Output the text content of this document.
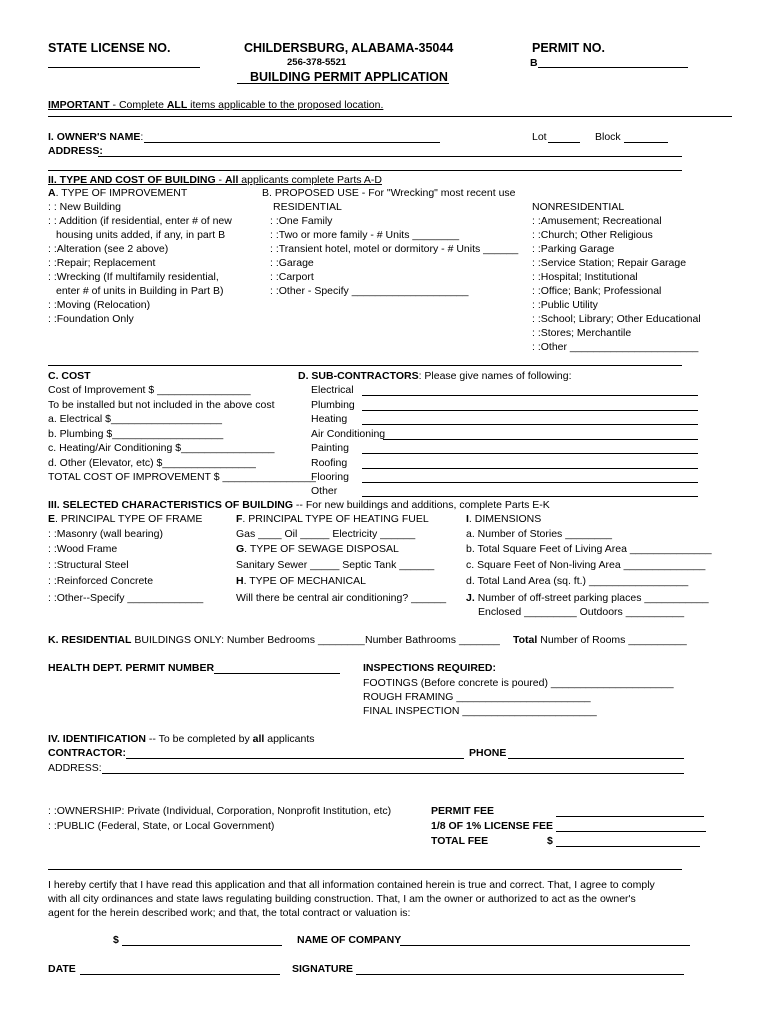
STATE LICENSE NO.	CHILDERSBURG, ALABAMA-35044
256-378-5521
BUILDING PERMIT APPLICATION
PERMIT NO.
B
IMPORTANT - Complete ALL items applicable to the proposed location.
I. OWNER'S NAME:	Lot	Block
ADDRESS:
II. TYPE AND COST OF BUILDING - All applicants complete Parts A-D
A. TYPE OF IMPROVEMENT
: : New Building
: : Addition (if residential, enter # of new
housing units added, if any, in part B
: :Alteration (see 2 above)
: :Repair; Replacement
: :Wrecking (If multifamily residential,
enter # of units in Building in Part B)
: :Moving (Relocation)
: :Foundation Only
B. PROPOSED USE - For "Wrecking" most recent use
RESIDENTIAL
: :One Family
: :Two or more family - # Units ________
: :Transient hotel, motel or dormitory - # Units ______
: :Garage
: :Carport
: :Other - Specify ____________________
NONRESIDENTIAL
: :Amusement; Recreational
: :Church; Other Religious
: :Parking Garage
: :Service Station; Repair Garage
: :Hospital; Institutional
: :Office; Bank; Professional
: :Public Utility
: :School; Library; Other Educational
: :Stores; Merchantile
: :Other ______________________
C. COST
Cost of Improvement $ ________________
To be installed but not included in the above cost
a. Electrical $___________________
b. Plumbing $___________________
c. Heating/Air Conditioning $________________
d. Other (Elevator, etc) $________________
TOTAL COST OF IMPROVEMENT $ ________________
D. SUB-CONTRACTORS: Please give names of following:
Electrical
Plumbing
Heating
Air Conditioning
Painting
Roofing
Flooring
Other
III. SELECTED CHARACTERISTICS OF BUILDING -- For new buildings and additions, complete Parts E-K
E. PRINCIPAL TYPE OF FRAME
: :Masonry (wall bearing)
: :Wood Frame
: :Structural Steel
: :Reinforced Concrete
: :Other--Specify _____________
F. PRINCIPAL TYPE OF HEATING FUEL
Gas ____ Oil _____ Electricity ______
G. TYPE OF SEWAGE DISPOSAL
Sanitary Sewer _____ Septic Tank ______
H. TYPE OF MECHANICAL
Will there be central air conditioning? ______
I. DIMENSIONS
a. Number of Stories ________
b. Total Square Feet of Living Area ______________
c. Square Feet of Non-living Area ______________
d. Total Land Area (sq. ft.) _________________
J. Number of off-street parking places ___________
Enclosed _________ Outdoors __________
K. RESIDENTIAL BUILDINGS ONLY: Number Bedrooms ________ Number Bathrooms _______ Total Number of Rooms __________
HEALTH DEPT. PERMIT NUMBER	INSPECTIONS REQUIRED:
FOOTINGS (Before concrete is poured) _____________________
ROUGH FRAMING _______________________
FINAL INSPECTION _______________________
IV. IDENTIFICATION -- To be completed by all applicants
CONTRACTOR:	PHONE
ADDRESS:
: :OWNERSHIP: Private (Individual, Corporation, Nonprofit Institution, etc)
: :PUBLIC (Federal, State, or Local Government)
PERMIT FEE
1/8 OF 1% LICENSE FEE
TOTAL FEE	$
I hereby certify that I have read this application and that all information contained herein is true and correct. That, I agree to comply
with all city ordinances and state laws regulating building construction. That, I am the owner or authorized to act as the owner's
agent for the herein described work; and that, the total contract or valuation is:
$	NAME OF COMPANY
DATE	SIGNATURE
